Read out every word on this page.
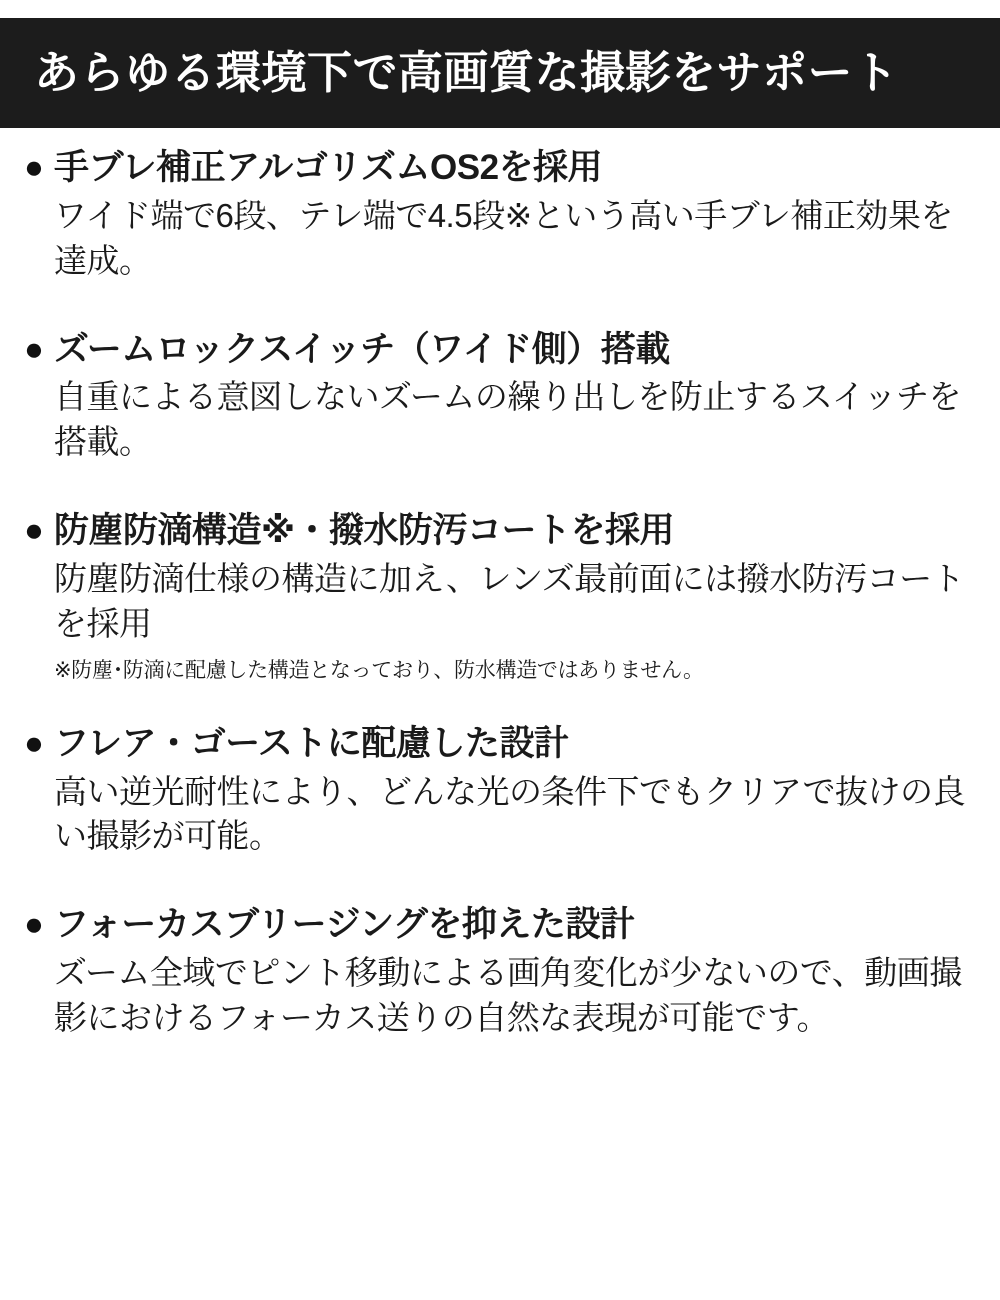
あらゆる環境下で高画質な撮影をサポート
● 手ブレ補正アルゴリズムOS2を採用
ワイド端で6段、テレ端で4.5段※という高い手ブレ補正効果を達成。
● ズームロックスイッチ（ワイド側）搭載
自重による意図しないズームの繰り出しを防止するスイッチを搭載。
● 防塵防滴構造※・撥水防汚コートを採用
防塵防滴仕様の構造に加え、レンズ最前面には撥水防汚コートを採用
※防塵･防滴に配慮した構造となっており、防水構造ではありません。
● フレア・ゴーストに配慮した設計
高い逆光耐性により、どんな光の条件下でもクリアで抜けの良い撮影が可能。
● フォーカスブリージングを抑えた設計
ズーム全域でピント移動による画角変化が少ないので、動画撮影におけるフォーカス送りの自然な表現が可能です。
